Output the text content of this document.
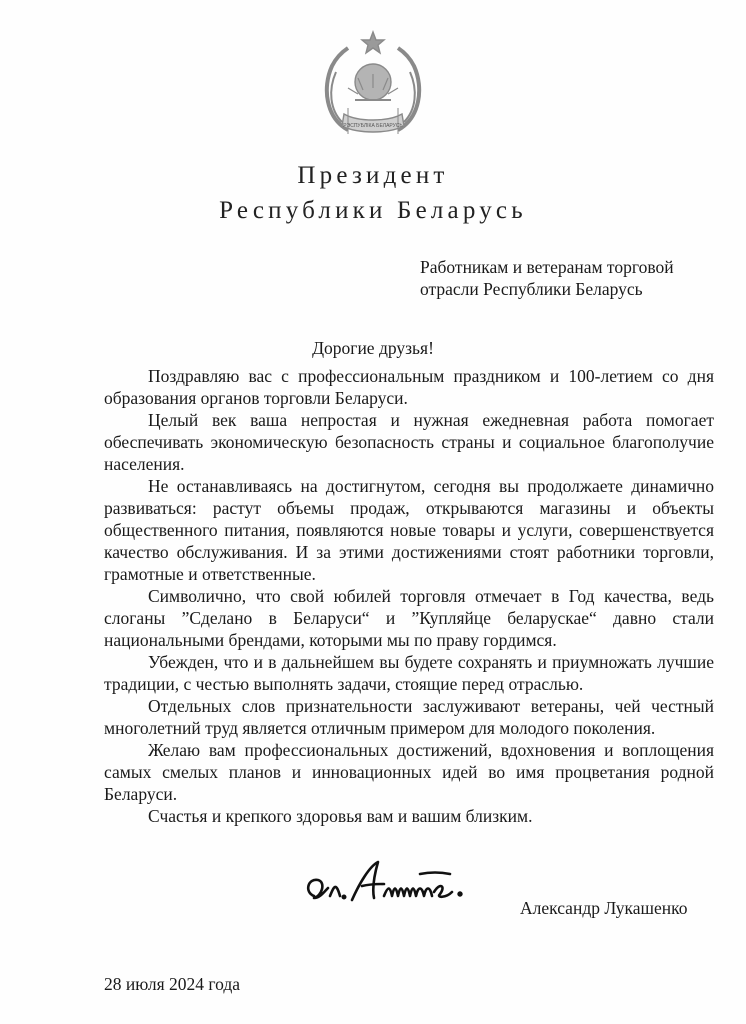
РЭСПУБЛІКА БЕЛАРУСЬ
Президент
Республики Беларусь
Работникам и ветеранам торговой
отрасли Республики Беларусь
Дорогие друзья!

Поздравляю вас с профессиональным праздником и 100-летием со дня образования органов торговли Беларуси.

Целый век ваша непростая и нужная ежедневная работа помогает обеспечивать экономическую безопасность страны и социальное благополучие населения.

Не останавливаясь на достигнутом, сегодня вы продолжаете динамично развиваться: растут объемы продаж, открываются магазины и объекты общественного питания, появляются новые товары и услуги, совершенствуется качество обслуживания. И за этими достижениями стоят работники торговли, грамотные и ответственные.

Символично, что свой юбилей торговля отмечает в Год качества, ведь слоганы ”Сделано в Беларуси“ и ”Купляйце беларускае“ давно стали национальными брендами, которыми мы по праву гордимся.

Убежден, что и в дальнейшем вы будете сохранять и приумножать лучшие традиции, с честью выполнять задачи, стоящие перед отраслью.

Отдельных слов признательности заслуживают ветераны, чей честный многолетний труд является отличным примером для молодого поколения.

Желаю вам профессиональных достижений, вдохновения и воплощения самых смелых планов и инновационных идей во имя процветания родной Беларуси.

Счастья и крепкого здоровья вам и вашим близким.

Александр Лукашенко
28 июля 2024 года
